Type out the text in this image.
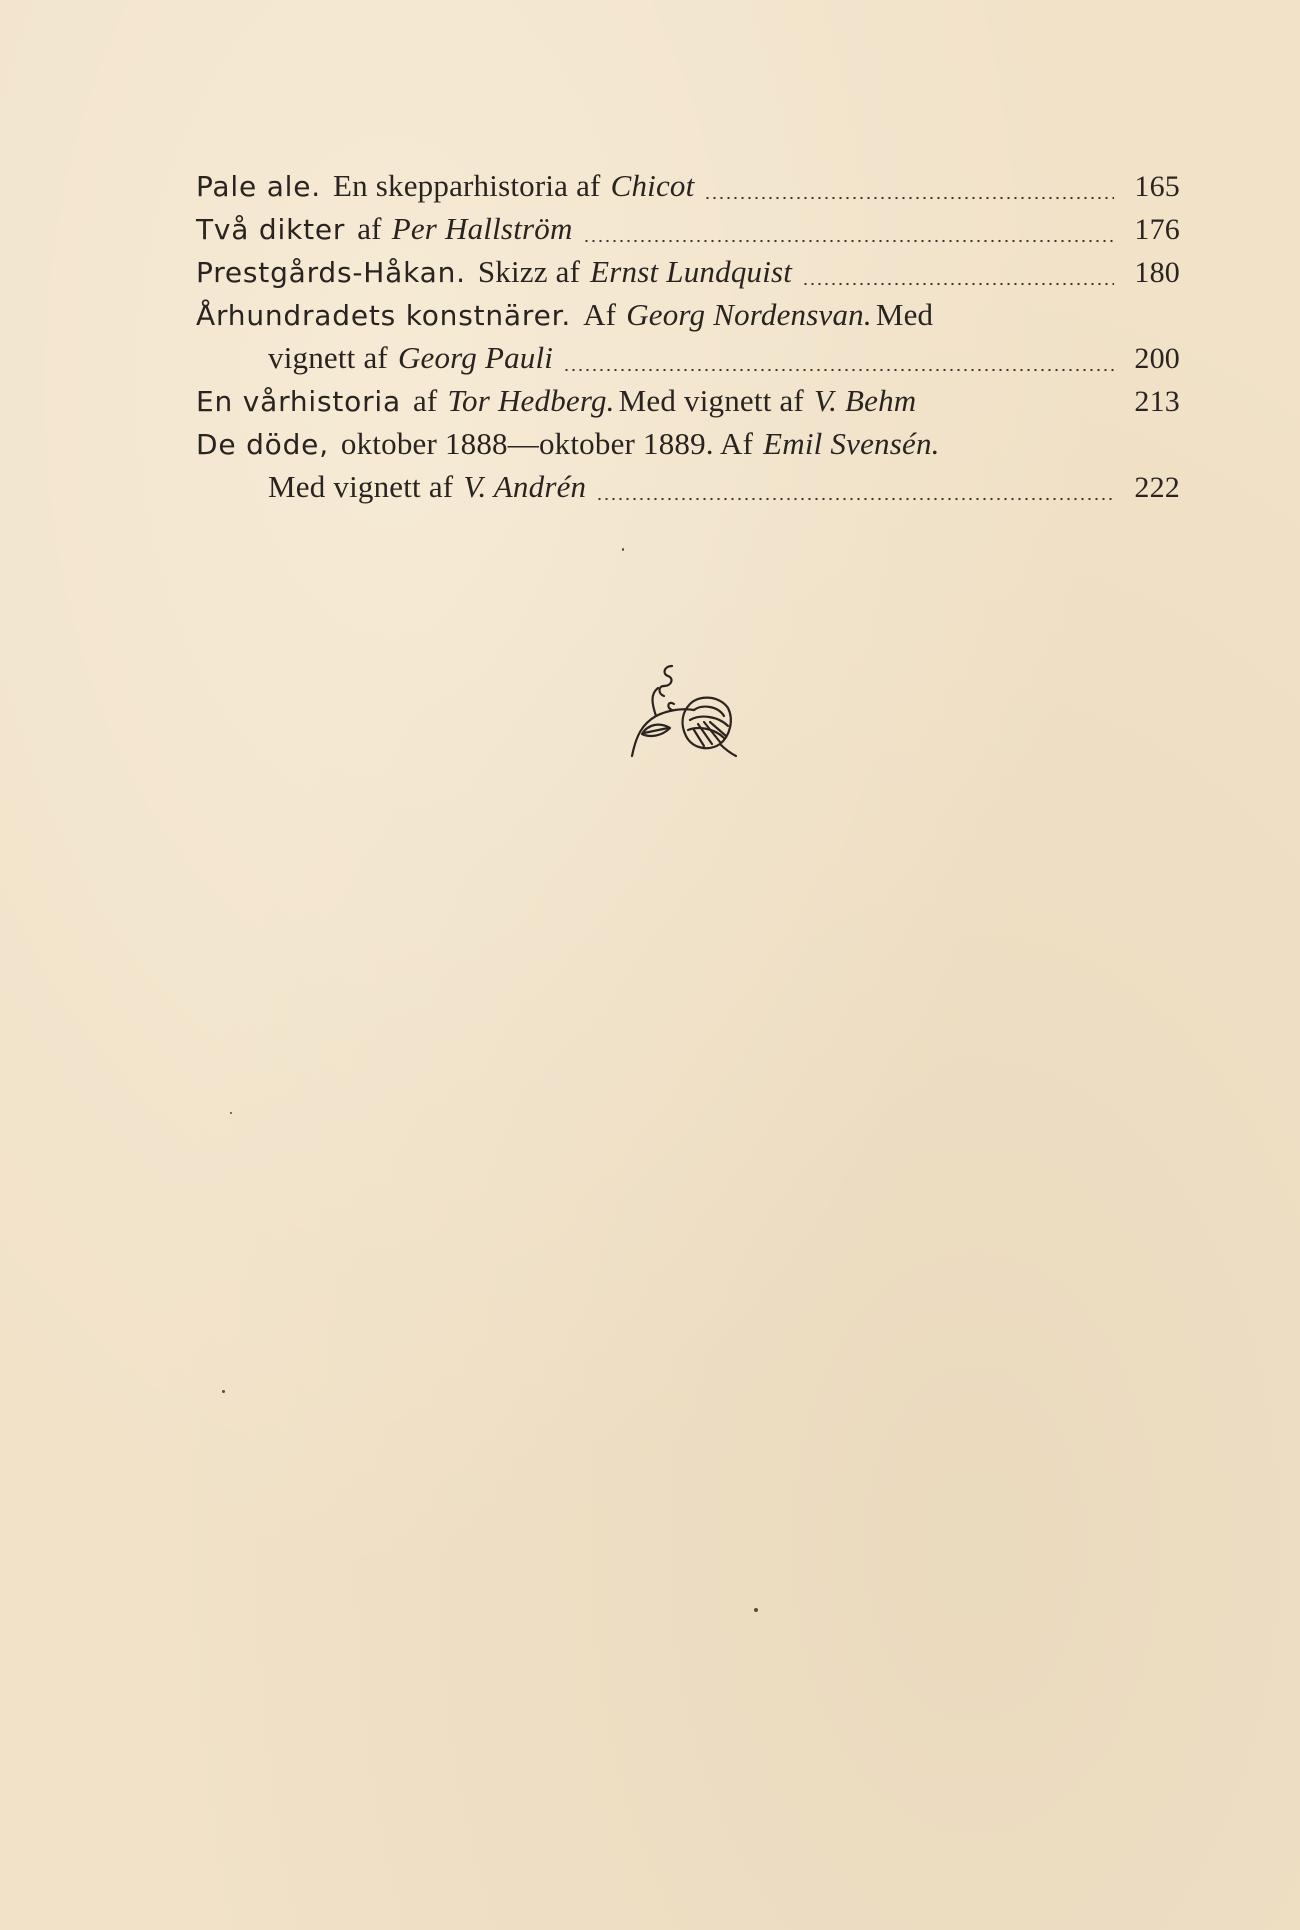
Pale ale. En skepparhistoria af Chicot	165
Två dikter af Per Hallström	176
Prestgårds-Håkan. Skizz af Ernst Lundquist	180
Århundradets konstnärer. Af Georg Nordensvan. Med
vignett af Georg Pauli	200
En vårhistoria af Tor Hedberg. Med vignett af V. Behm	213
De döde, oktober 1888—oktober 1889. Af Emil Svensén.
Med vignett af V. Andrén	222
